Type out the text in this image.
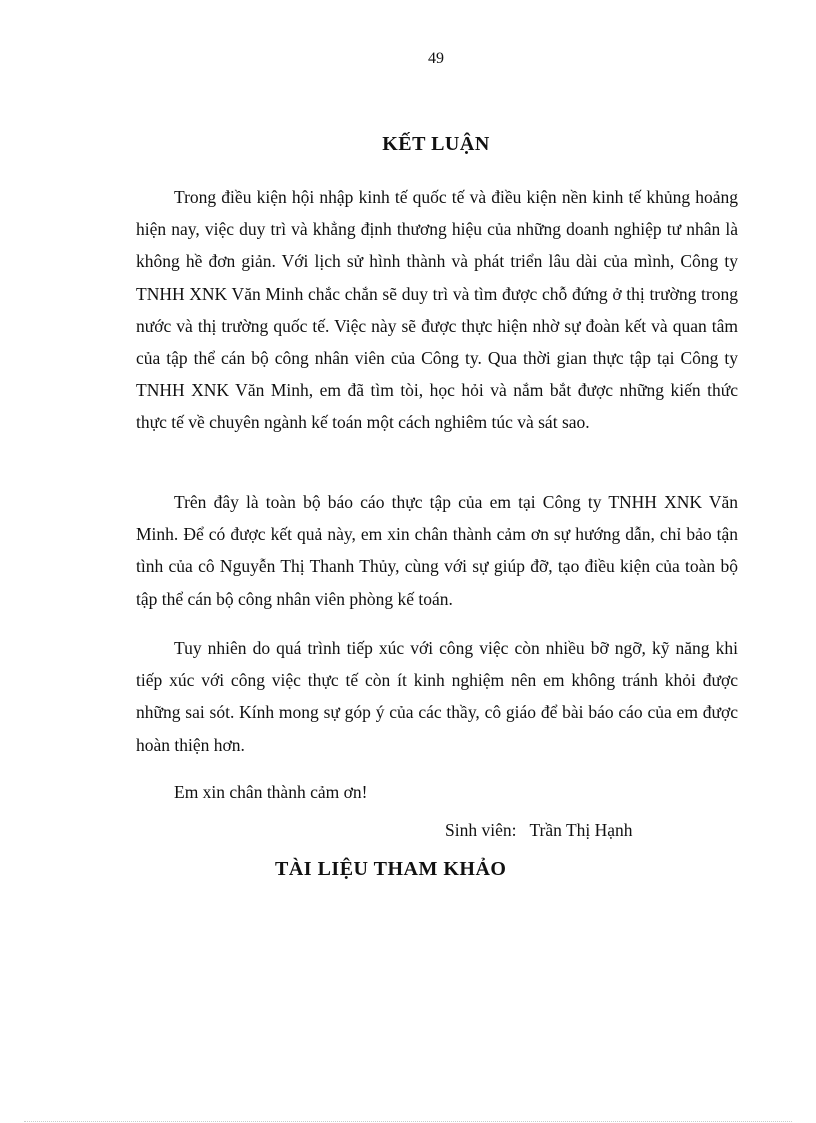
49
KẾT LUẬN

Trong điều kiện hội nhập kinh tế quốc tế và điều kiện nền kinh tế khủng hoảng hiện nay, việc duy trì và khẳng định thương hiệu của những doanh nghiệp tư nhân là không hề đơn giản. Với lịch sử hình thành và phát triển lâu dài của mình, Công ty TNHH XNK Văn Minh chắc chắn sẽ duy trì và tìm được chỗ đứng ở thị trường trong nước và thị trường quốc tế. Việc này sẽ được thực hiện nhờ sự đoàn kết và quan tâm của tập thể cán bộ công nhân viên của Công ty. Qua thời gian thực tập tại Công ty TNHH XNK Văn Minh, em đã tìm tòi, học hỏi và nắm bắt được những kiến thức thực tế về chuyên ngành kế toán một cách nghiêm túc và sát sao.

Trên đây là toàn bộ báo cáo thực tập của em tại Công ty TNHH XNK Văn Minh. Để có được kết quả này, em xin chân thành cảm ơn sự hướng dẫn, chỉ bảo tận tình của cô Nguyễn Thị Thanh Thủy, cùng với sự giúp đỡ, tạo điều kiện của toàn bộ tập thể cán bộ công nhân viên phòng kế toán.

Tuy nhiên do quá trình tiếp xúc với công việc còn nhiều bỡ ngỡ, kỹ năng khi tiếp xúc với công việc thực tế còn ít kinh nghiệm nên em không tránh khỏi được những sai sót. Kính mong sự góp ý của các thầy, cô giáo để bài báo cáo của em được hoàn thiện hơn.

Em xin chân thành cảm ơn!

Sinh viên: Trần Thị Hạnh
TÀI LIỆU THAM KHẢO
